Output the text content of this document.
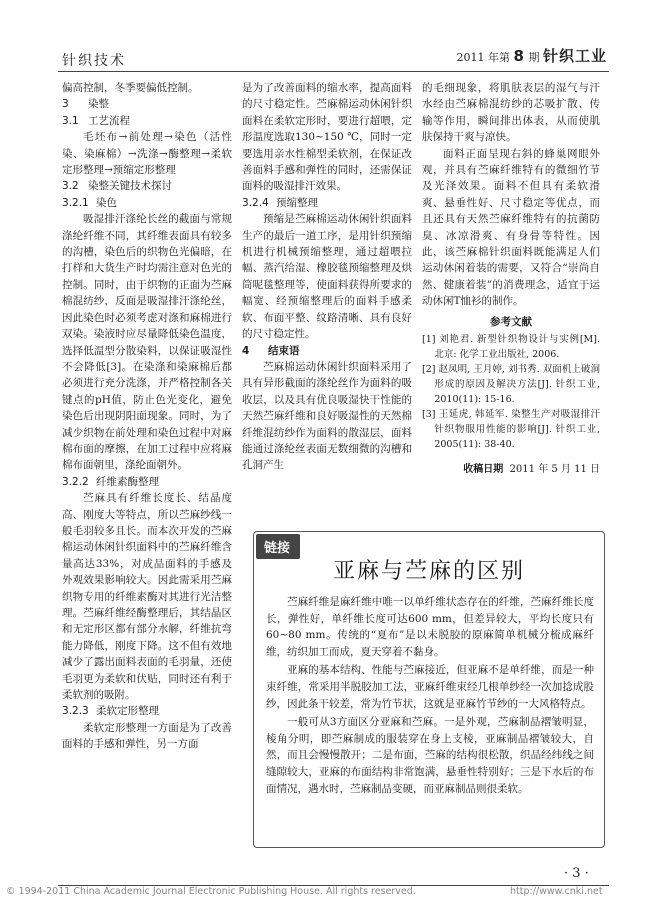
针织技术	2011 年第 8 期 针织工业

偏高控制，冬季要偏低控制。

3 染整
3.1 工艺流程

毛坯布→前处理→染色（活性染、染麻棉）→洗涤→酶整理→柔软定形整理→预缩定形整理

3.2 染整关键技术探讨
3.2.1 染色

吸湿排汗涤纶长丝的截面与常规涤纶纤维不同，其纤维表面具有较多的沟槽，染色后的织物色光偏暗，在打样和大货生产时均需注意对色光的控制。同时，由于织物的正面为苎麻棉混纺纱，反面是吸湿排汗涤纶丝，因此染色时必须考虑对涤和麻棉进行双染。染液时应尽量降低染色温度，选择低温型分散染料，以保证吸湿性不会降低[3]。在染涤和染麻棉后都必须进行充分洗涤，并严格控制各关键点的pH值，防止色光变化，避免染色后出现阴阳面现象。同时，为了减少织物在前处理和染色过程中对麻棉布面的摩擦，在加工过程中应将麻棉布面朝里，涤纶面朝外。

3.2.2 纤维素酶整理

苎麻具有纤维长度长、结晶度高、刚度大等特点，所以苎麻纱线一般毛羽较多且长。而本次开发的苎麻棉运动休闲针织面料中的苎麻纤维含量高达33%，对成品面料的手感及外观效果影响较大。因此需采用苎麻织物专用的纤维素酶对其进行光洁整理。苎麻纤维经酶整理后，其结晶区和无定形区都有部分水解，纤维抗弯能力降低，刚度下降。这不但有效地减少了露出面料表面的毛羽量，还使毛羽更为柔软和伏贴，同时还有利于柔软剂的吸附。

3.2.3 柔软定形整理

柔软定形整理一方面是为了改善面料的手感和弹性，另一方面

是为了改善面料的缩水率，提高面料的尺寸稳定性。苎麻棉运动休闲针织面料在柔软定形时，要进行超喂，定形温度选取130~150 ℃，同时一定要选用亲水性棉型柔软剂，在保证改善面料手感和弹性的同时，还需保证面料的吸湿排汗效果。

3.2.4 预缩整理

预缩是苎麻棉运动休闲针织面料生产的最后一道工序，是用针织预缩机进行机械预缩整理，通过超喂拉幅、蒸汽给湿、橡胶毯预缩整理及烘筒呢毯整理等，使面料获得所要求的幅宽、经预缩整理后的面料手感柔软、布面平整、纹路清晰、具有良好的尺寸稳定性。

4 结束语

苎麻棉运动休闲针织面料采用了具有异形截面的涤纶丝作为面料的吸收层，以及具有优良吸湿快干性能的天然苎麻纤维和良好吸湿性的天然棉纤维混纺纱作为面料的散湿层，面料能通过涤纶丝表面无数细微的沟槽和孔洞产生

的毛细现象，将肌肤表层的湿气与汗水经由苎麻棉混纺纱的芯吸扩散、传输等作用，瞬间排出体表，从而使肌肤保持干爽与凉快。

面料正面呈现右斜的蜂巢网眼外观，并具有苎麻纤维特有的微细竹节及光泽效果。面料不但具有柔软滑爽、悬垂性好、尺寸稳定等优点，而且还具有天然苎麻纤维特有的抗菌防臭、冰凉滑爽、有身骨等特性。因此，该苎麻棉针织面料既能满足人们运动休闲着装的需要，又符合“崇尚自然、健康着装”的消费理念，适宜于运动休闲T恤衫的制作。

参考文献

[1] 刘艳君. 新型针织物设计与实例[M]. 北京: 化学工业出版社, 2006.

[2] 赵凤明, 王月婷, 刘书秀. 双面机上破洞形成的原因及解决方法[J]. 针织工业, 2010(11): 15-16.

[3] 王延虎, 韩延军. 染整生产对吸湿排汗针织物服用性能的影响[J]. 针织工业, 2005(11): 38-40.

收稿日期 2011 年 5 月 11 日
链接
亚麻与苎麻的区别

苎麻纤维是麻纤维中唯一以单纤维状态存在的纤维，苎麻纤维长度长，弹性好，单纤维长度可达600 mm，但差异较大，平均长度只有60~80 mm。传统的“夏布”是以未脱胶的原麻简单机械分梳成麻纤维，纺织加工而成，夏天穿着不黏身。

亚麻的基本结构、性能与苎麻接近，但亚麻不是单纤维，而是一种束纤维，常采用半脱胶加工法，亚麻纤维束经几根单纱经一次加捻成股纱，因此条干较差，常为竹节状，这就是亚麻竹节纱的一大风格特点。

一般可从3方面区分亚麻和苎麻。一是外观，苎麻制品褶皱明显，棱角分明，即苎麻制成的服装穿在身上支棱，亚麻制品褶皱较大，自然，而且会慢慢散开；二是布面，苎麻的结构很松散，织品经纬线之间缝隙较大，亚麻的布面结构非常饱满，悬垂性特别好；三是下水后的布面情况，遇水时，苎麻制品变硬，而亚麻制品则很柔软。

· 3 ·
© 1994-2011 China Academic Journal Electronic Publishing House. All rights reserved.	http://www.cnki.net
